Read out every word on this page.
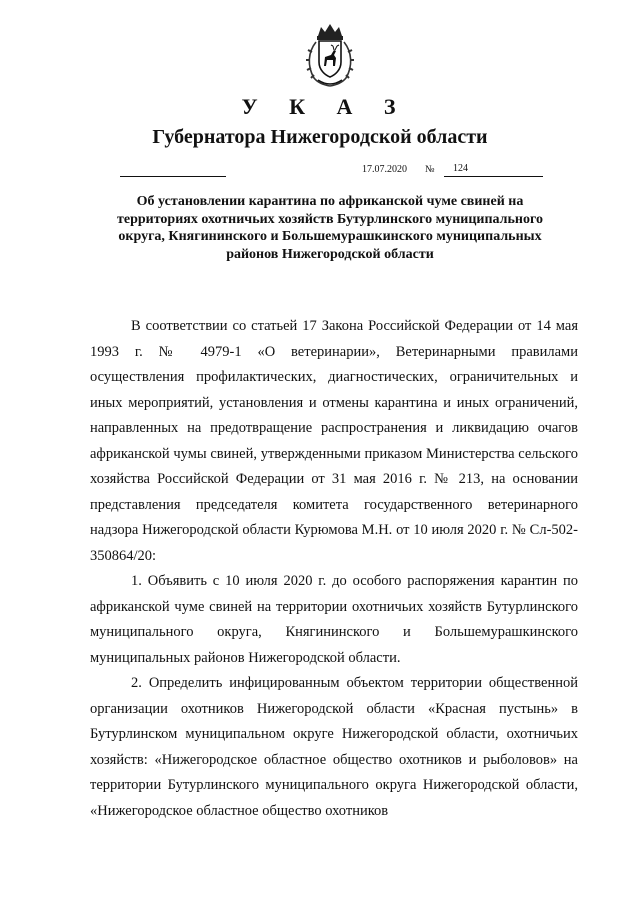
У К А З
Губернатора Нижегородской области
17.07.2020 № 124
Об установлении карантина по африканской чуме свиней на территориях охотничьих хозяйств Бутурлинского муниципального округа, Княгининского и Большемурашкинского муниципальных районов Нижегородской области

В соответствии со статьей 17 Закона Российской Федерации от 14 мая 1993 г. № 4979-1 «О ветеринарии», Ветеринарными правилами осуществления профилактических, диагностических, ограничительных и иных мероприятий, установления и отмены карантина и иных ограничений, направленных на предотвращение распространения и ликвидацию очагов африканской чумы свиней, утвержденными приказом Министерства сельского хозяйства Российской Федерации от 31 мая 2016 г. № 213, на основании представления председателя комитета государственного ветеринарного надзора Нижегородской области Курюмова М.Н. от 10 июля 2020 г. № Сл-502-350864/20:

1. Объявить с 10 июля 2020 г. до особого распоряжения карантин по африканской чуме свиней на территории охотничьих хозяйств Бутурлинского муниципального округа, Княгининского и Большемурашкинского муниципальных районов Нижегородской области.

2. Определить инфицированным объектом территории общественной организации охотников Нижегородской области «Красная пустынь» в Бутурлинском муниципальном округе Нижегородской области, охотничьих хозяйств: «Нижегородское областное общество охотников и рыболовов» на территории Бутурлинского муниципального округа Нижегородской области, «Нижегородское областное общество охотников
